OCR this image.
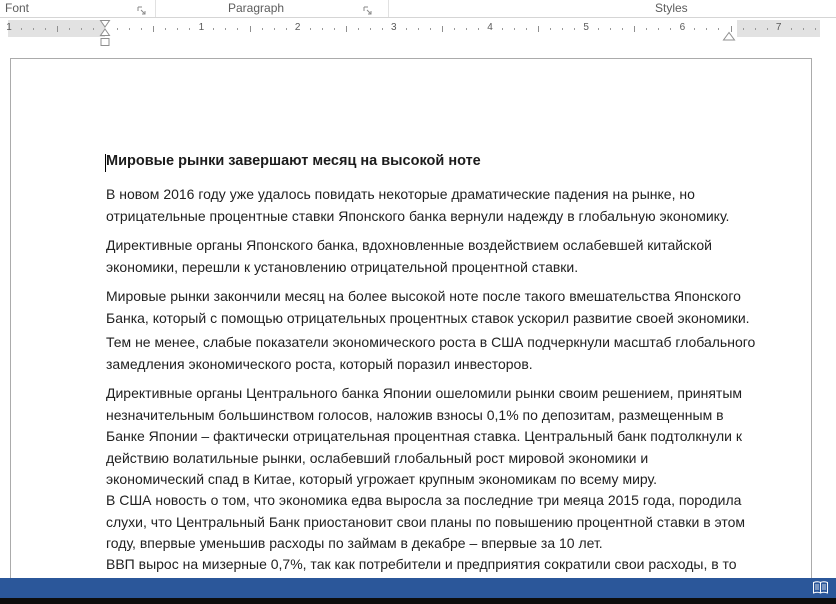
Font	Paragraph	Styles
1	1	2	3	4	5	6	7
Мировые рынки завершают месяц на высокой ноте
В новом 2016 году уже удалось повидать некоторые драматические падения на рынке, но
отрицательные процентные ставки Японского банка вернули надежду в глобальную экономику.
Директивные органы Японского банка, вдохновленные воздействием ослабевшей китайской
экономики, перешли к установлению отрицательной процентной ставки.
Мировые рынки закончили месяц на более высокой ноте после такого вмешательства Японского
Банка, который с помощью отрицательных процентных ставок ускорил развитие своей экономики.
Тем не менее, слабые показатели экономического роста в США подчеркнули масштаб глобального
замедления экономического роста, который поразил инвесторов.
Директивные органы Центрального банка Японии ошеломили рынки своим решением, принятым
незначительным большинством голосов, наложив взносы 0,1% по депозитам, размещенным в
Банке Японии – фактически отрицательная процентная ставка. Центральный банк подтолкнули к
действию волатильные рынки, ослабевший глобальный рост мировой экономики и
экономический спад в Китае, который угрожает крупным экономикам по всему миру.
В США новость о том, что экономика едва выросла за последние три меяца 2015 года, породила
слухи, что Центральный Банк приостановит свои планы по повышению процентной ставки в этом
году, впервые уменьшив расходы по займам в декабре – впервые за 10 лет.
ВВП вырос на мизерные 0,7%, так как потребители и предприятия сократили свои расходы, в то
